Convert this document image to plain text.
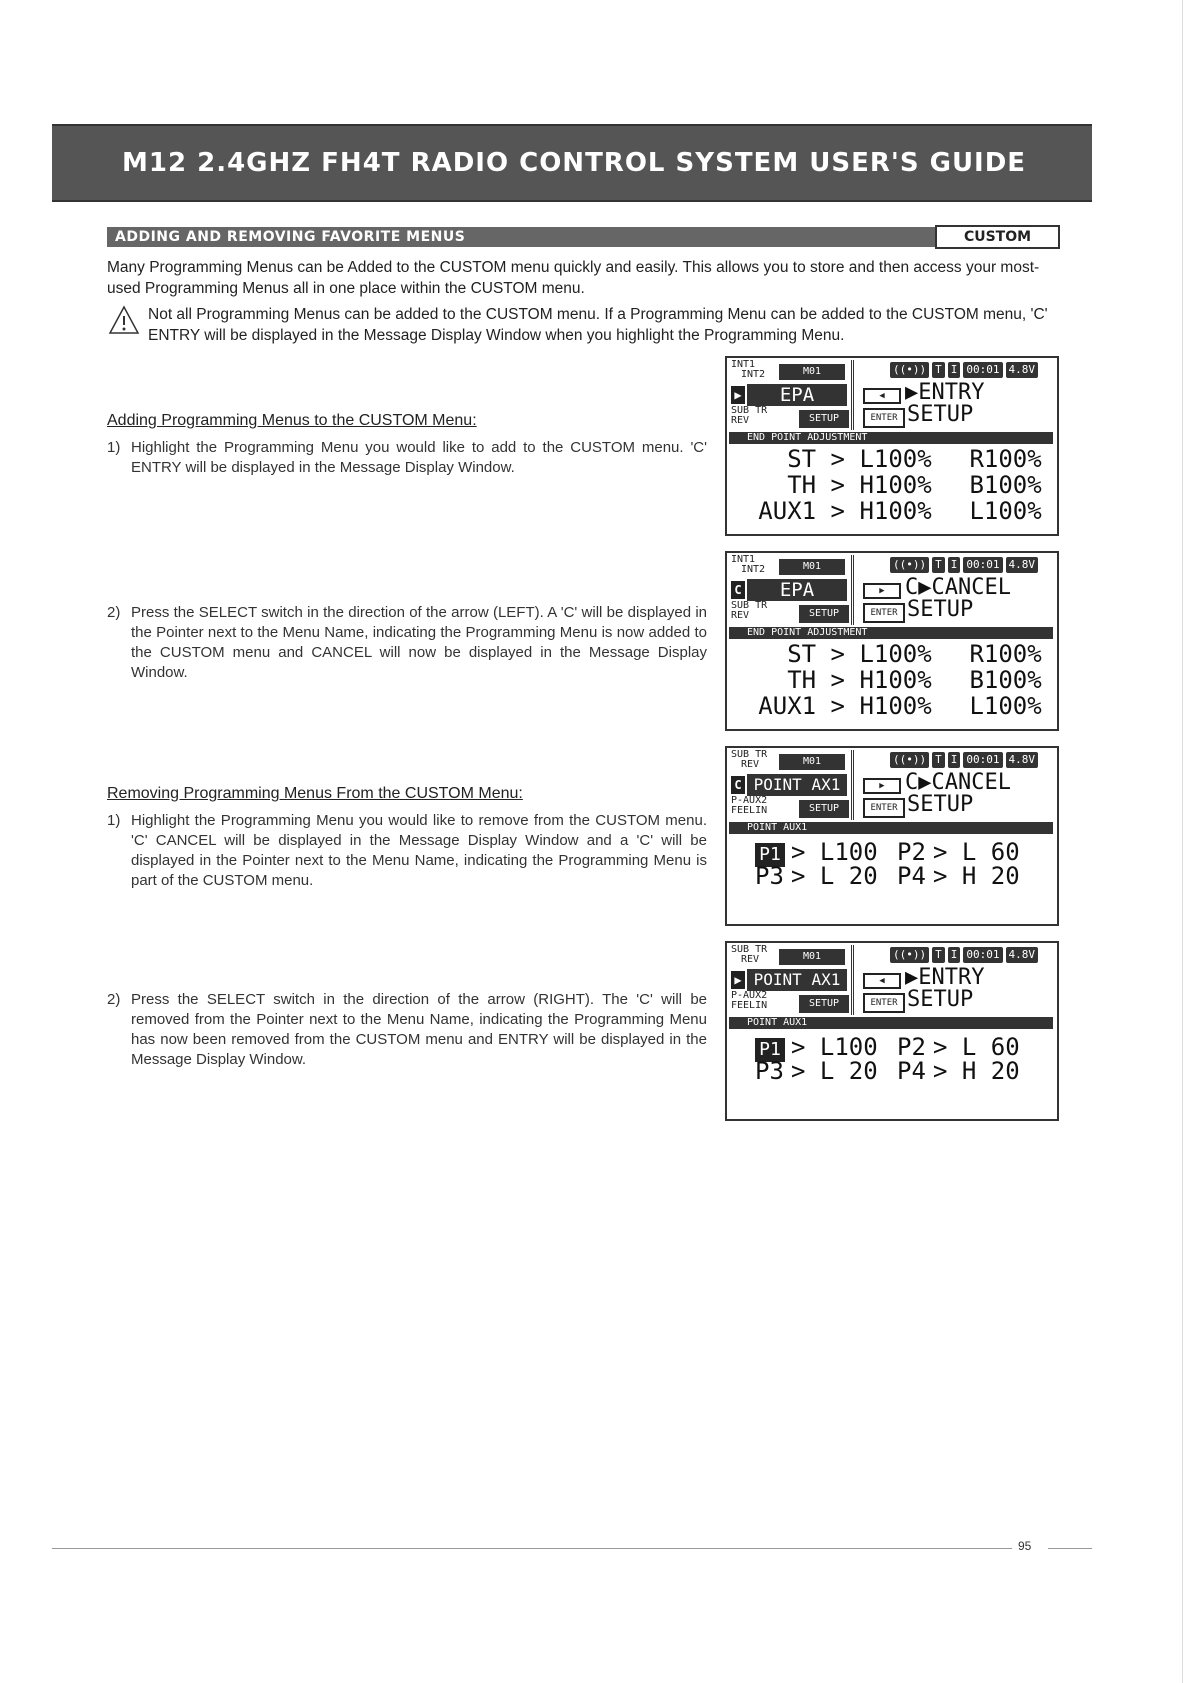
M12 2.4GHZ FH4T RADIO CONTROL SYSTEM USER'S GUIDE
ADDING AND REMOVING FAVORITE MENUS	CUSTOM
Many Programming Menus can be Added to the CUSTOM menu quickly and easily. This allows you to store and then access your most-used Programming Menus all in one place within the CUSTOM menu.
Not all Programming Menus can be added to the CUSTOM menu. If a Programming Menu can be added to the CUSTOM menu, 'C' ENTRY will be displayed in the Message Display Window when you highlight the Programming Menu.
Adding Programming Menus to the CUSTOM Menu:
1) Highlight the Programming Menu you would like to add to the CUSTOM menu. 'C' ENTRY will be displayed in the Message Display Window.
2) Press the SELECT switch in the direction of the arrow (LEFT). A 'C' will be displayed in the Pointer next to the Menu Name, indicating the Programming Menu is now added to the CUSTOM menu and CANCEL will now be displayed in the Message Display Window.
Removing Programming Menus From the CUSTOM Menu:
1) Highlight the Programming Menu you would like to remove from the CUSTOM menu. 'C' CANCEL will be displayed in the Message Display Window and a 'C' will be displayed in the Pointer next to the Menu Name, indicating the Programming Menu is part of the CUSTOM menu.
2) Press the SELECT switch in the direction of the arrow (RIGHT). The 'C' will be removed from the Pointer next to the Menu Name, indicating the Programming Menu has now been removed from the CUSTOM menu and ENTRY will be displayed in the Message Display Window.
INT1
INT2	M01
▶	EPA
SUB TR
REV	SETUP
((•)) T I 00:01 4.8V
◀ ▶ENTRY
ENTER SETUP
END POINT ADJUSTMENT
ST > L100% R100%
TH > H100% B100%
AUX1 > H100% L100%
INT1
INT2	M01
C	EPA
SUB TR
REV	SETUP
((•)) T I 00:01 4.8V
▶ C▶CANCEL
ENTER SETUP
END POINT ADJUSTMENT
ST > L100% R100%
TH > H100% B100%
AUX1 > H100% L100%
SUB TR
REV	M01
C POINT AX1
P-AUX2
FEELIN	SETUP
((•)) T I 00:01 4.8V
▶ C▶CANCEL
ENTER SETUP
POINT AUX1
P1 > L100 P2 > L 60
P3 > L 20 P4 > H 20
SUB TR
REV	M01
▶ POINT AX1
P-AUX2
FEELIN	SETUP
((•)) T I 00:01 4.8V
◀ ▶ENTRY
ENTER SETUP
POINT AUX1
P1 > L100 P2 > L 60
P3 > L 20 P4 > H 20
95
